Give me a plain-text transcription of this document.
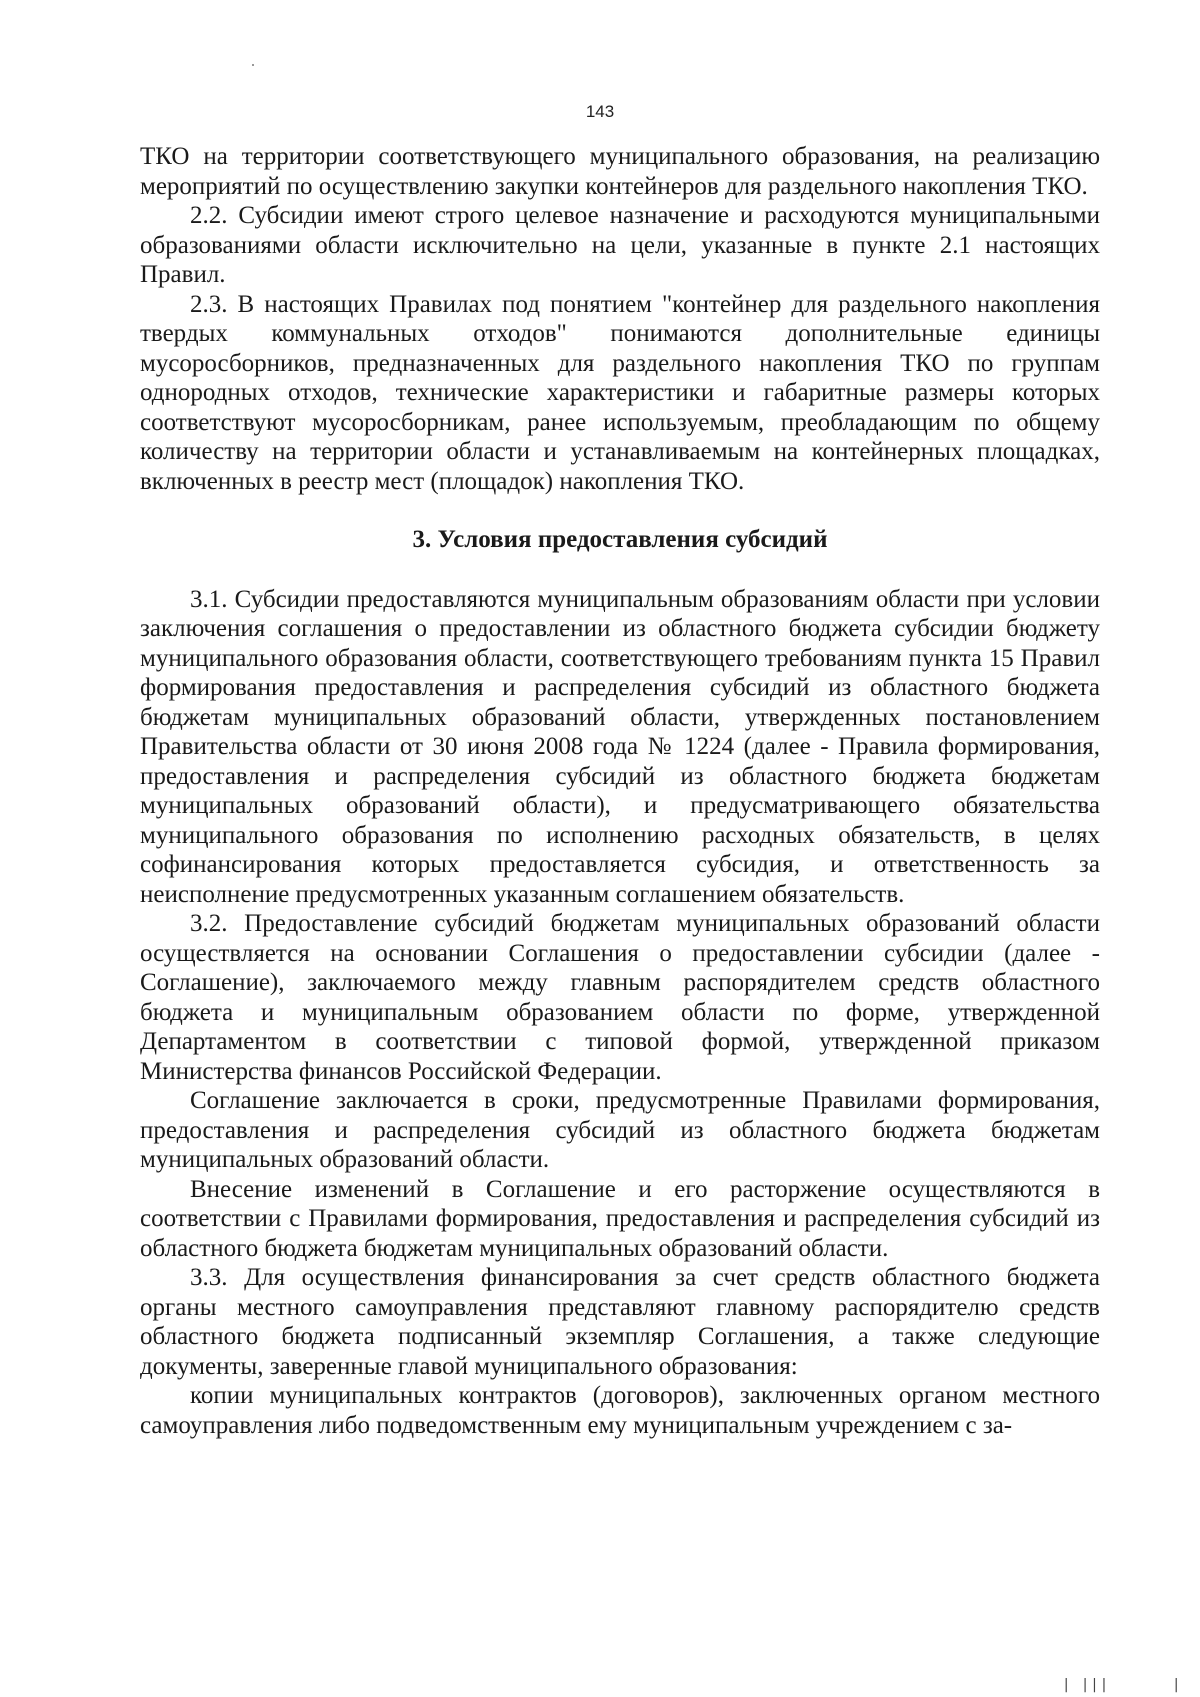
143

ТКО на территории соответствующего муниципального образования, на реализацию мероприятий по осуществлению закупки контейнеров для раздельного накопления ТКО.

2.2. Субсидии имеют строго целевое назначение и расходуются муниципальными образованиями области исключительно на цели, указанные в пункте 2.1 настоящих Правил.

2.3. В настоящих Правилах под понятием "контейнер для раздельного накопления твердых коммунальных отходов" понимаются дополнительные единицы мусоросборников, предназначенных для раздельного накопления ТКО по группам однородных отходов, технические характеристики и габаритные размеры которых соответствуют мусоросборникам, ранее используемым, преобладающим по общему количеству на территории области и устанавливаемым на контейнерных площадках, включенных в реестр мест (площадок) накопления ТКО.

3. Условия предоставления субсидий

3.1. Субсидии предоставляются муниципальным образованиям области при условии заключения соглашения о предоставлении из областного бюджета субсидии бюджету муниципального образования области, соответствующего требованиям пункта 15 Правил формирования предоставления и распределения субсидий из областного бюджета бюджетам муниципальных образований области, утвержденных постановлением Правительства области от 30 июня 2008 года № 1224 (далее - Правила формирования, предоставления и распределения субсидий из областного бюджета бюджетам муниципальных образований области), и предусматривающего обязательства муниципального образования по исполнению расходных обязательств, в целях софинансирования которых предоставляется субсидия, и ответственность за неисполнение предусмотренных указанным соглашением обязательств.

3.2. Предоставление субсидий бюджетам муниципальных образований области осуществляется на основании Соглашения о предоставлении субсидии (далее - Соглашение), заключаемого между главным распорядителем средств областного бюджета и муниципальным образованием области по форме, утвержденной Департаментом в соответствии с типовой формой, утвержденной приказом Министерства финансов Российской Федерации.

Соглашение заключается в сроки, предусмотренные Правилами формирования, предоставления и распределения субсидий из областного бюджета бюджетам муниципальных образований области.

Внесение изменений в Соглашение и его расторжение осуществляются в соответствии с Правилами формирования, предоставления и распределения субсидий из областного бюджета бюджетам муниципальных образований области.

3.3. Для осуществления финансирования за счет средств областного бюджета органы местного самоуправления представляют главному распорядителю средств областного бюджета подписанный экземпляр Соглашения, а также следующие документы, заверенные главой муниципального образования:

копии муниципальных контрактов (договоров), заключенных органом местного самоуправления либо подведомственным ему муниципальным учреждением с за-

| |||	|
